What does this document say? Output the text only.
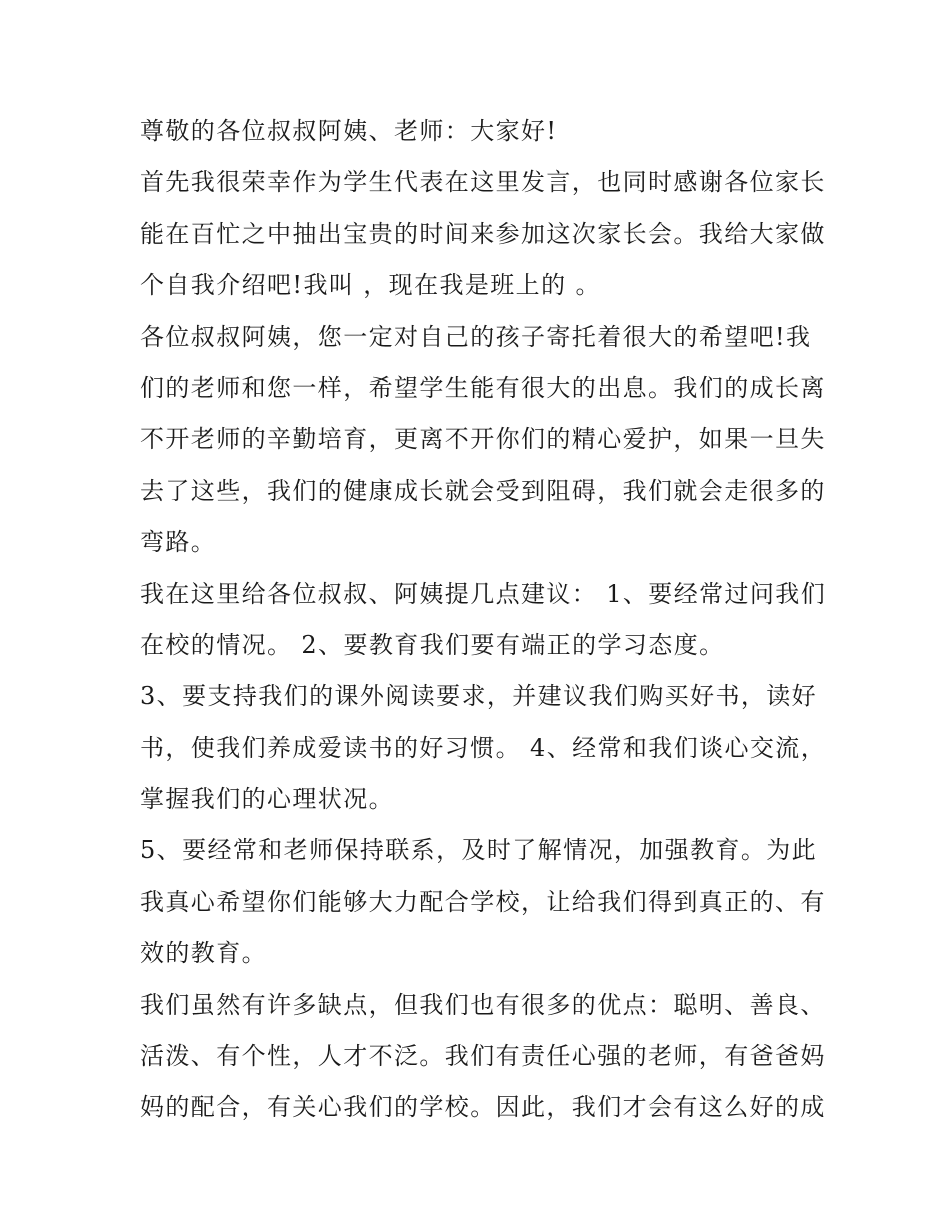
尊敬的各位叔叔阿姨、老师：大家好!
首先我很荣幸作为学生代表在这里发言，也同时感谢各位家长
能在百忙之中抽出宝贵的时间来参加这次家长会。我给大家做
个自我介绍吧!我叫 ，现在我是班上的 。
各位叔叔阿姨，您一定对自己的孩子寄托着很大的希望吧!我
们的老师和您一样，希望学生能有很大的出息。我们的成长离
不开老师的辛勤培育，更离不开你们的精心爱护，如果一旦失
去了这些，我们的健康成长就会受到阻碍，我们就会走很多的
弯路。
我在这里给各位叔叔、阿姨提几点建议： 1、要经常过问我们
在校的情况。 2、要教育我们要有端正的学习态度。
3、要支持我们的课外阅读要求，并建议我们购买好书，读好
书，使我们养成爱读书的好习惯。 4、经常和我们谈心交流，
掌握我们的心理状况。
5、要经常和老师保持联系，及时了解情况，加强教育。为此
我真心希望你们能够大力配合学校，让给我们得到真正的、有
效的教育。
我们虽然有许多缺点，但我们也有很多的优点：聪明、善良、
活泼、有个性，人才不泛。我们有责任心强的老师，有爸爸妈
妈的配合，有关心我们的学校。因此，我们才会有这么好的成
